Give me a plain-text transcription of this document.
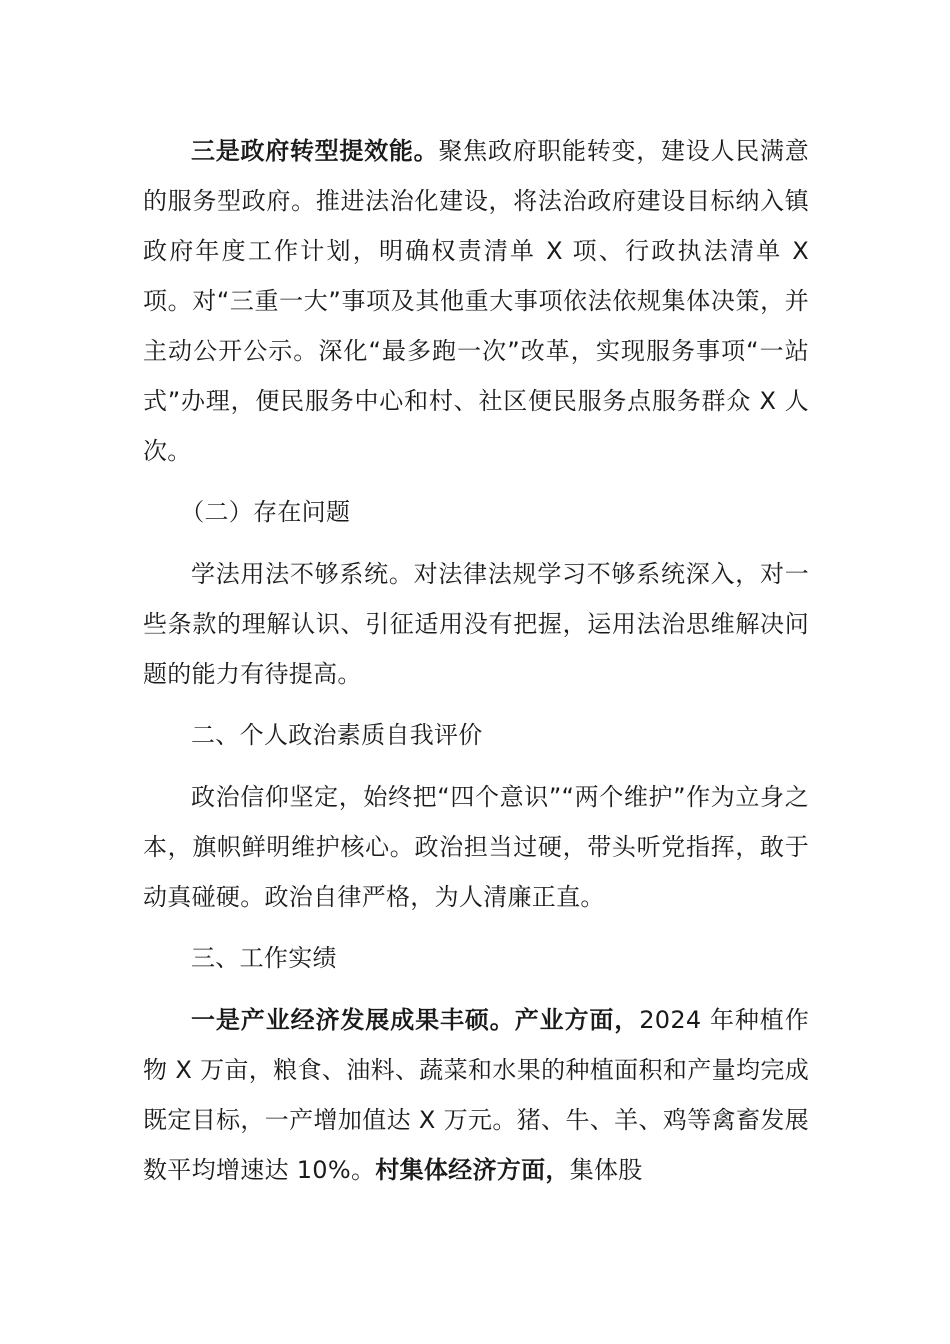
三是政府转型提效能。聚焦政府职能转变，建设人民满意的服务型政府。推进法治化建设，将法治政府建设目标纳入镇政府年度工作计划，明确权责清单 X 项、行政执法清单 X 项。对“三重一大”事项及其他重大事项依法依规集体决策，并主动公开公示。深化“最多跑一次”改革，实现服务事项“一站式”办理，便民服务中心和村、社区便民服务点服务群众 X 人次。

（二）存在问题

学法用法不够系统。对法律法规学习不够系统深入，对一些条款的理解认识、引征适用没有把握，运用法治思维解决问题的能力有待提高。

二、个人政治素质自我评价

政治信仰坚定，始终把“四个意识”“两个维护”作为立身之本，旗帜鲜明维护核心。政治担当过硬，带头听党指挥，敢于动真碰硬。政治自律严格，为人清廉正直。

三、工作实绩

一是产业经济发展成果丰硕。产业方面，2024 年种植作物 X 万亩，粮食、油料、蔬菜和水果的种植面积和产量均完成既定目标，一产增加值达 X 万元。猪、牛、羊、鸡等禽畜发展数平均增速达 10%。村集体经济方面，集体股
